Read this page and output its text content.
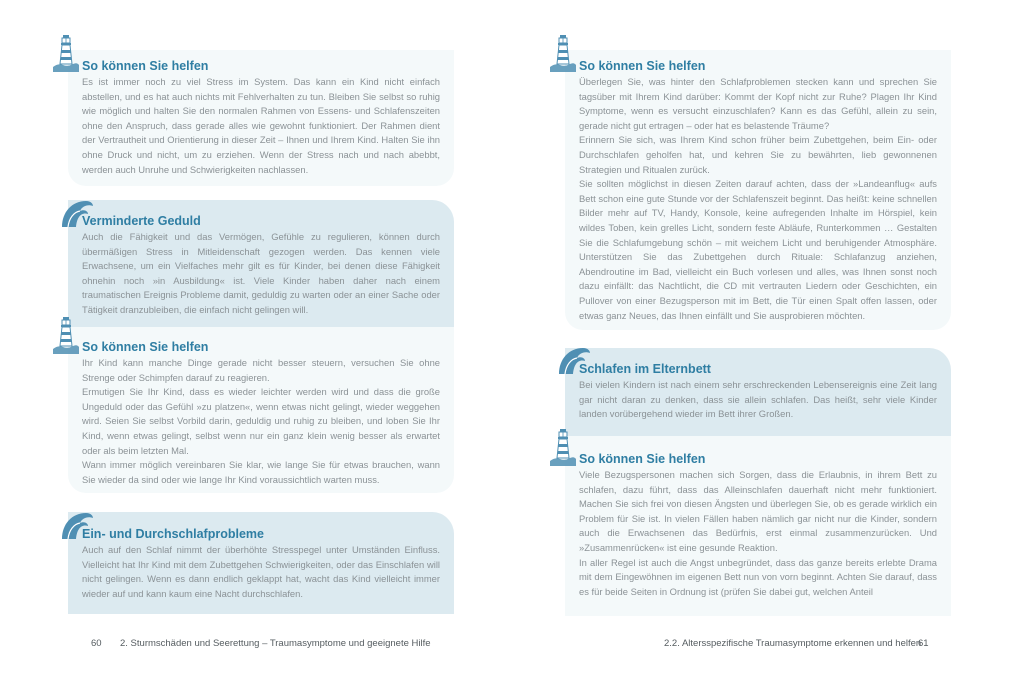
So können Sie helfen

Es ist immer noch zu viel Stress im System. Das kann ein Kind nicht einfach abstellen, und es hat auch nichts mit Fehlverhalten zu tun. Bleiben Sie selbst so ruhig wie möglich und halten Sie den normalen Rahmen von Essens- und Schlafenszeiten ohne den Anspruch, dass gerade alles wie gewohnt funktioniert. Der Rahmen dient der Vertrautheit und Orientierung in dieser Zeit – Ihnen und Ihrem Kind. Halten Sie ihn ohne Druck und nicht, um zu erziehen. Wenn der Stress nach und nach abebbt, werden auch Unruhe und Schwierigkeiten nachlassen.

Verminderte Geduld

Auch die Fähigkeit und das Vermögen, Gefühle zu regulieren, können durch übermäßigen Stress in Mitleidenschaft gezogen werden. Das kennen viele Erwachsene, um ein Vielfaches mehr gilt es für Kinder, bei denen diese Fähigkeit ohnehin noch »in Ausbildung« ist. Viele Kinder haben daher nach einem traumatischen Ereignis Probleme damit, geduldig zu warten oder an einer Sache oder Tätigkeit dranzubleiben, die einfach nicht gelingen will.

So können Sie helfen

Ihr Kind kann manche Dinge gerade nicht besser steuern, versuchen Sie ohne Strenge oder Schimpfen darauf zu reagieren.

Ermutigen Sie Ihr Kind, dass es wieder leichter werden wird und dass die große Ungeduld oder das Gefühl »zu platzen«, wenn etwas nicht gelingt, wieder weggehen wird. Seien Sie selbst Vorbild darin, geduldig und ruhig zu bleiben, und loben Sie Ihr Kind, wenn etwas gelingt, selbst wenn nur ein ganz klein wenig besser als erwartet oder als beim letzten Mal.

Wann immer möglich vereinbaren Sie klar, wie lange Sie für etwas brauchen, wann Sie wieder da sind oder wie lange Ihr Kind voraussichtlich warten muss.

Ein- und Durchschlafprobleme

Auch auf den Schlaf nimmt der überhöhte Stresspegel unter Umständen Einfluss. Vielleicht hat Ihr Kind mit dem Zubettgehen Schwierigkeiten, oder das Einschlafen will nicht gelingen. Wenn es dann endlich geklappt hat, wacht das Kind vielleicht immer wieder auf und kann kaum eine Nacht durchschlafen.

60 2. Sturmschäden und Seerettung – Traumasymptome und geeignete Hilfe
So können Sie helfen

Überlegen Sie, was hinter den Schlafproblemen stecken kann und sprechen Sie tagsüber mit Ihrem Kind darüber: Kommt der Kopf nicht zur Ruhe? Plagen Ihr Kind Symptome, wenn es versucht einzuschlafen? Kann es das Gefühl, allein zu sein, gerade nicht gut ertragen – oder hat es belastende Träume?

Erinnern Sie sich, was Ihrem Kind schon früher beim Zubettgehen, beim Ein- oder Durchschlafen geholfen hat, und kehren Sie zu bewährten, lieb gewonnenen Strategien und Ritualen zurück.

Sie sollten möglichst in diesen Zeiten darauf achten, dass der »Landeanflug« aufs Bett schon eine gute Stunde vor der Schlafenszeit beginnt. Das heißt: keine schnellen Bilder mehr auf TV, Handy, Konsole, keine aufregenden Inhalte im Hörspiel, kein wildes Toben, kein grelles Licht, sondern feste Abläufe, Runterkommen … Gestalten Sie die Schlafumgebung schön – mit weichem Licht und beruhigender Atmosphäre. Unterstützen Sie das Zubettgehen durch Rituale: Schlafanzug anziehen, Abendroutine im Bad, vielleicht ein Buch vorlesen und alles, was Ihnen sonst noch dazu einfällt: das Nachtlicht, die CD mit vertrauten Liedern oder Geschichten, ein Pullover von einer Bezugsperson mit im Bett, die Tür einen Spalt offen lassen, oder etwas ganz Neues, das Ihnen einfällt und Sie ausprobieren möchten.

Schlafen im Elternbett

Bei vielen Kindern ist nach einem sehr erschreckenden Lebensereignis eine Zeit lang gar nicht daran zu denken, dass sie allein schlafen. Das heißt, sehr viele Kinder landen vorübergehend wieder im Bett ihrer Großen.

So können Sie helfen

Viele Bezugspersonen machen sich Sorgen, dass die Erlaubnis, in ihrem Bett zu schlafen, dazu führt, dass das Alleinschlafen dauerhaft nicht mehr funktioniert. Machen Sie sich frei von diesen Ängsten und überlegen Sie, ob es gerade wirklich ein Problem für Sie ist. In vielen Fällen haben nämlich gar nicht nur die Kinder, sondern auch die Erwachsenen das Bedürfnis, erst einmal zusammenzurücken. Und »Zusammenrücken« ist eine gesunde Reaktion.

In aller Regel ist auch die Angst unbegründet, dass das ganze bereits erlebte Drama mit dem Eingewöhnen im eigenen Bett nun von vorn beginnt. Achten Sie darauf, dass es für beide Seiten in Ordnung ist (prüfen Sie dabei gut, welchen Anteil

2.2. Altersspezifische Traumasymptome erkennen und helfen
61
